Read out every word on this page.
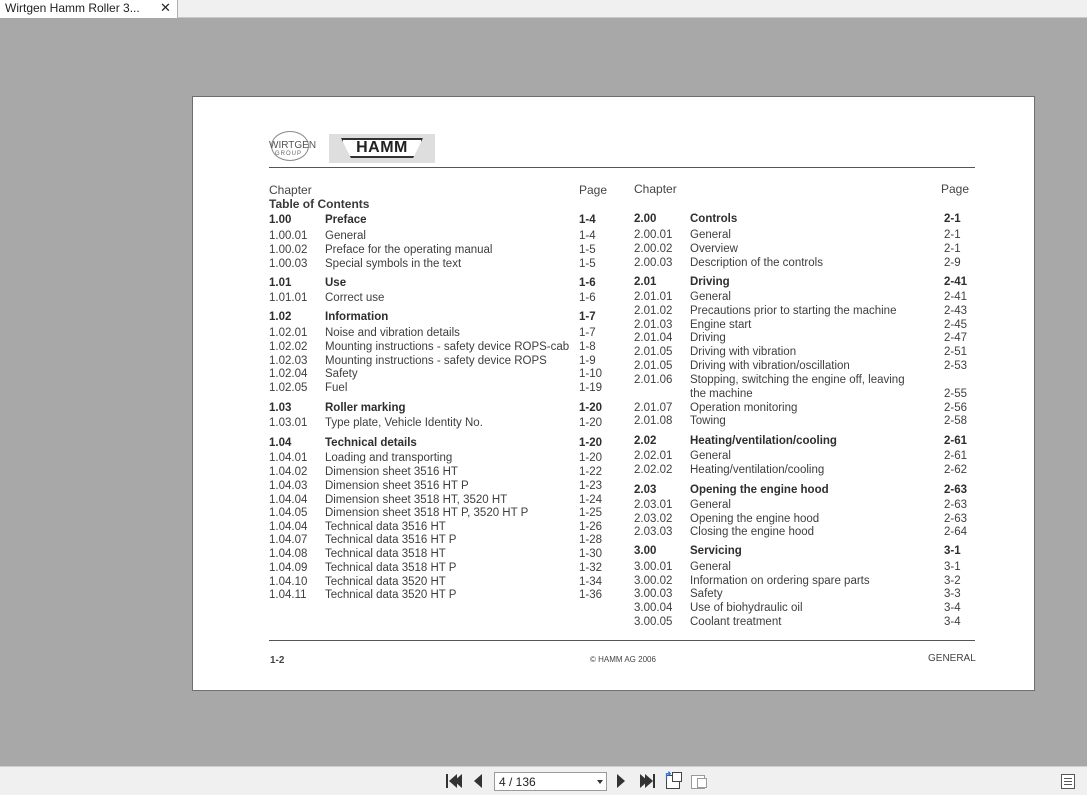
Wirtgen Hamm Roller 3...	✕
WIRTGEN
GROUP	HAMM
Chapter	Page Chapter	Page
Table of Contents
1.00	Preface	1-4
1.00.01 General	1-4
1.00.02 Preface for the operating manual	1-5
1.00.03 Special symbols in the text	1-5
1.01	Use	1-6
1.01.01 Correct use	1-6
1.02	Information	1-7
1.02.01 Noise and vibration details	1-7
1.02.02 Mounting instructions - safety device ROPS-cab 1-8
1.02.03 Mounting instructions - safety device ROPS	1-9
1.02.04 Safety	1-10
1.02.05 Fuel	1-19
1.03	Roller marking	1-20
1.03.01 Type plate, Vehicle Identity No.	1-20
1.04	Technical details	1-20
1.04.01 Loading and transporting	1-20
1.04.02 Dimension sheet 3516 HT	1-22
1.04.03 Dimension sheet 3516 HT P	1-23
1.04.04 Dimension sheet 3518 HT, 3520 HT	1-24
1.04.05 Dimension sheet 3518 HT P, 3520 HT P	1-25
1.04.04 Technical data 3516 HT	1-26
1.04.07 Technical data 3516 HT P	1-28
1.04.08 Technical data 3518 HT	1-30
1.04.09 Technical data 3518 HT P	1-32
1.04.10 Technical data 3520 HT	1-34
1.04.11 Technical data 3520 HT P	1-36
2.00	Controls	2-1
2.00.01 General	2-1
2.00.02 Overview	2-1
2.00.03 Description of the controls	2-9
2.01	Driving	2-41
2.01.01 General	2-41
2.01.02 Precautions prior to starting the machine	2-43
2.01.03 Engine start	2-45
2.01.04 Driving	2-47
2.01.05 Driving with vibration	2-51
2.01.05 Driving with vibration/oscillation	2-53
2.01.06 Stopping, switching the engine off, leaving
the machine	2-55
2.01.07 Operation monitoring	2-56
2.01.08 Towing	2-58
2.02	Heating/ventilation/cooling	2-61
2.02.01 General	2-61
2.02.02 Heating/ventilation/cooling	2-62
2.03	Opening the engine hood	2-63
2.03.01 General	2-63
2.03.02 Opening the engine hood	2-63
2.03.03 Closing the engine hood	2-64
3.00	Servicing	3-1
3.00.01 General	3-1
3.00.02 Information on ordering spare parts	3-2
3.00.03 Safety	3-3
3.00.04 Use of biohydraulic oil	3-4
3.00.05 Coolant treatment	3-4
1-2	© HAMM AG 2006	GENERAL
4 / 136	↱
